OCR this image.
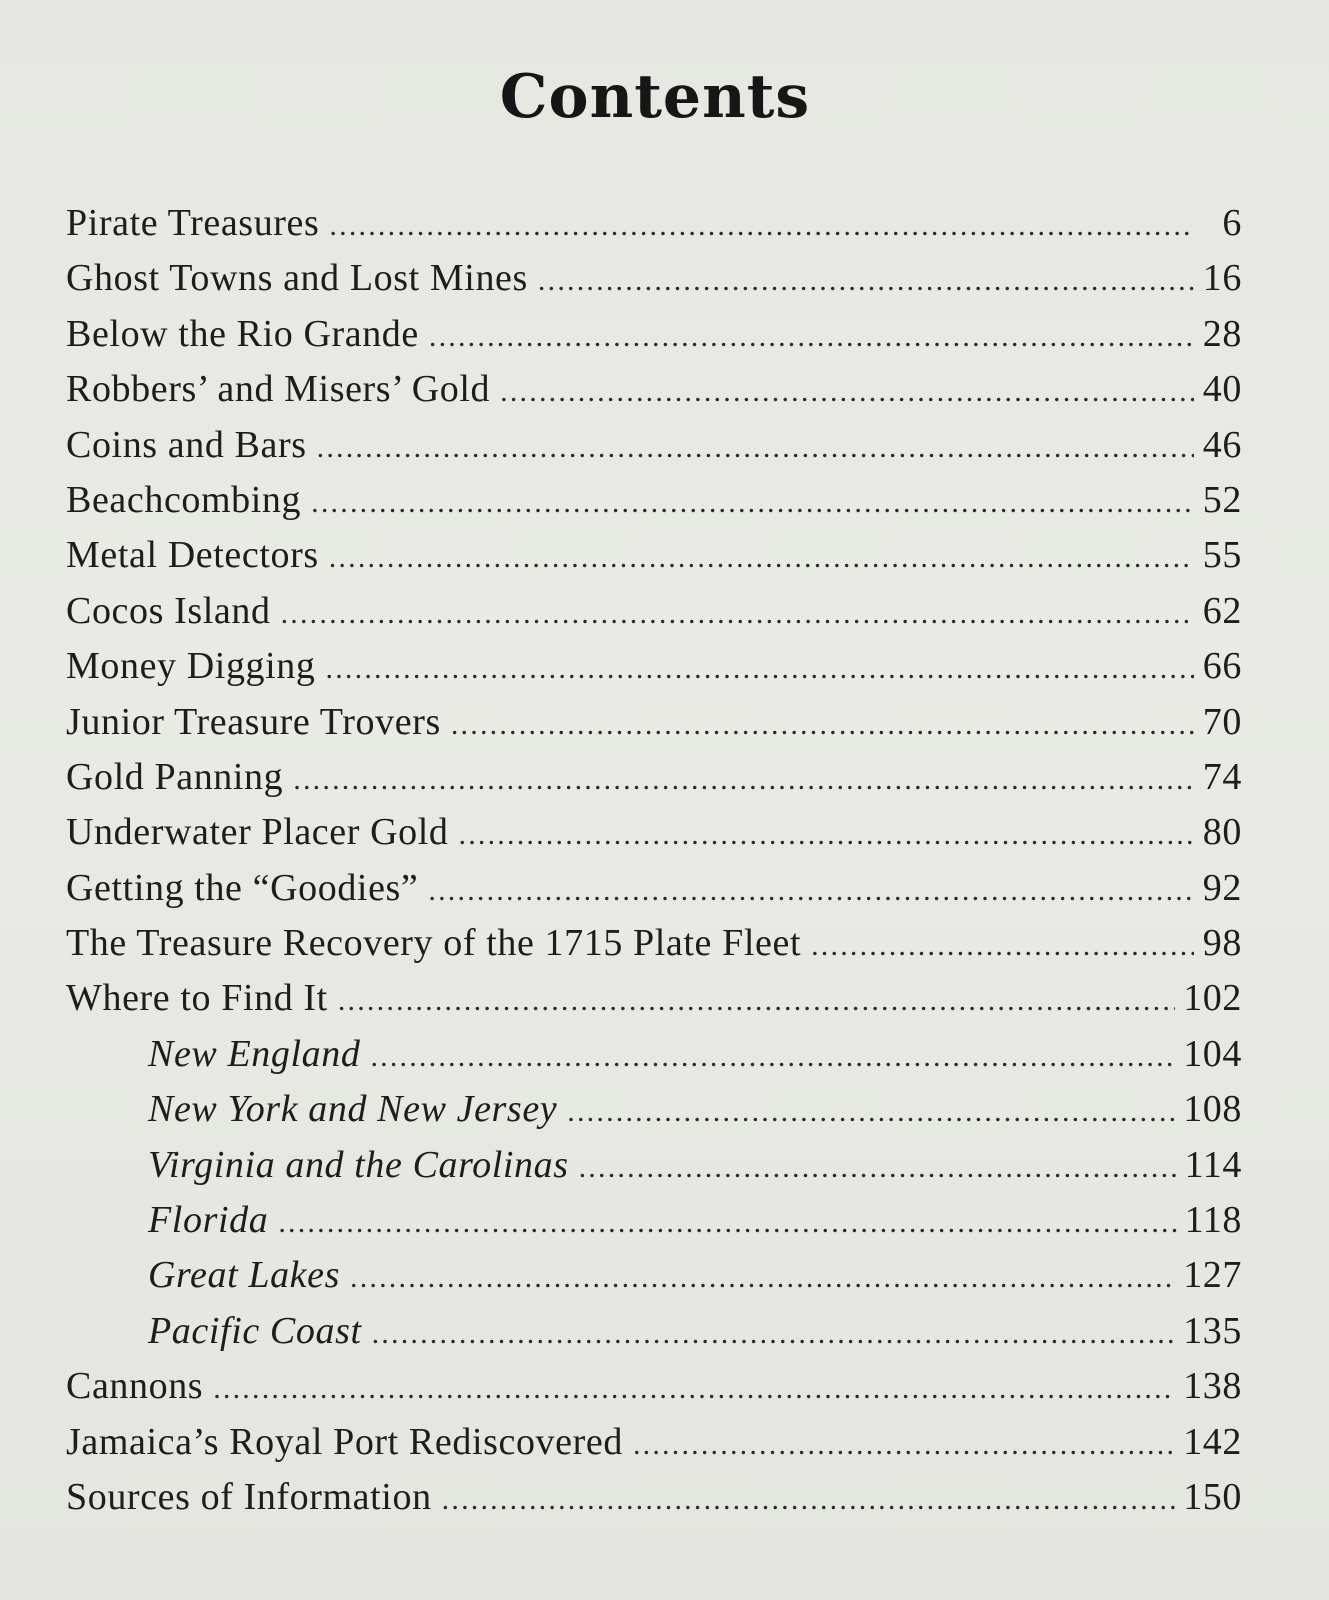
Contents
Pirate Treasures .....	6
Ghost Towns and Lost Mines .....	16
Below the Rio Grande .....	28
Robbers’ and Misers’ Gold .....	40
Coins and Bars .....	46
Beachcombing .....	52
Metal Detectors .....	55
Cocos Island .....	62
Money Digging .....	66
Junior Treasure Trovers .....	70
Gold Panning .....	74
Underwater Placer Gold .....	80
Getting the “Goodies” .....	92
The Treasure Recovery of the 1715 Plate Fleet .....	98
Where to Find It .....	102
New England .....	104
New York and New Jersey .....	108
Virginia and the Carolinas .....	114
Florida .....	118
Great Lakes .....	127
Pacific Coast .....	135
Cannons .....	138
Jamaica’s Royal Port Rediscovered .....	142
Sources of Information .....	150
